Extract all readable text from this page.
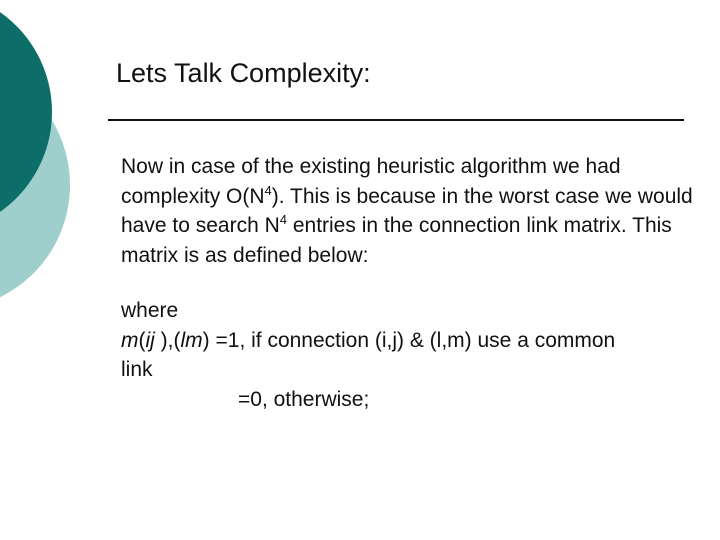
Lets Talk Complexity:

Now in case of the existing heuristic algorithm we had complexity $O(N^4)$. This is because in the worst case we would have to search $N^4$ entries in the connection link matrix. This matrix is as defined below:

where
m(ij ),(lm) =1, if connection (i,j) & (l,m) use a common
link
=0, otherwise;
